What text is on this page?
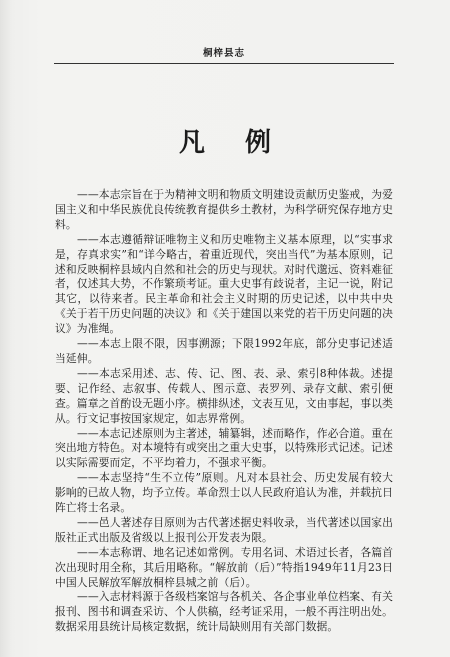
桐梓县志
凡例

——本志宗旨在于为精神文明和物质文明建设贡献历史鉴戒，为爱国主义和中华民族优良传统教育提供乡土教材，为科学研究保存地方史料。

——本志遵循辩证唯物主义和历史唯物主义基本原理，以“实事求是，存真求实”和“详今略古，着重近现代，突出当代”为基本原则，记述和反映桐梓县域内自然和社会的历史与现状。对时代邈远、资料难征者，仅述其大势，不作繁琐考证。重大史事有歧说者，主记一说，附记其它，以待来者。民主革命和社会主义时期的历史记述，以中共中央《关于若干历史问题的决议》和《关于建国以来党的若干历史问题的决议》为准绳。

——本志上限不限，因事溯源；下限1992年底，部分史事记述适当延伸。

——本志采用述、志、传、记、图、表、录、索引8种体裁。述提要、记作经、志叙事、传载人、图示意、表罗列、录存文献、索引便查。篇章之首酌设无题小序。横排纵述，文表互见，文由事起，事以类从。行文记事按国家规定，如志界常例。

——本志记述原则为主著述，辅纂辑，述而略作，作必合道。重在突出地方特色。对本境特有或突出之重大史事，以特殊形式记述。记述以实际需要而定，不平均着力，不强求平衡。

——本志坚持“生不立传”原则。凡对本县社会、历史发展有较大影响的已故人物，均予立传。革命烈士以人民政府追认为准，并载抗日阵亡将士名录。

——邑人著述存目原则为古代著述据史料收录，当代著述以国家出版社正式出版及省级以上报刊公开发表为限。

——本志称谓、地名记述如常例。专用名词、术语过长者，各篇首次出现时用全称，其后用略称。“解放前（后）”特指1949年11月23日中国人民解放军解放桐梓县城之前（后）。

——入志材料源于各级档案馆与各机关、各企事业单位档案、有关报刊、图书和调查采访、个人供稿，经考证采用，一般不再注明出处。数据采用县统计局核定数据，统计局缺则用有关部门数据。
